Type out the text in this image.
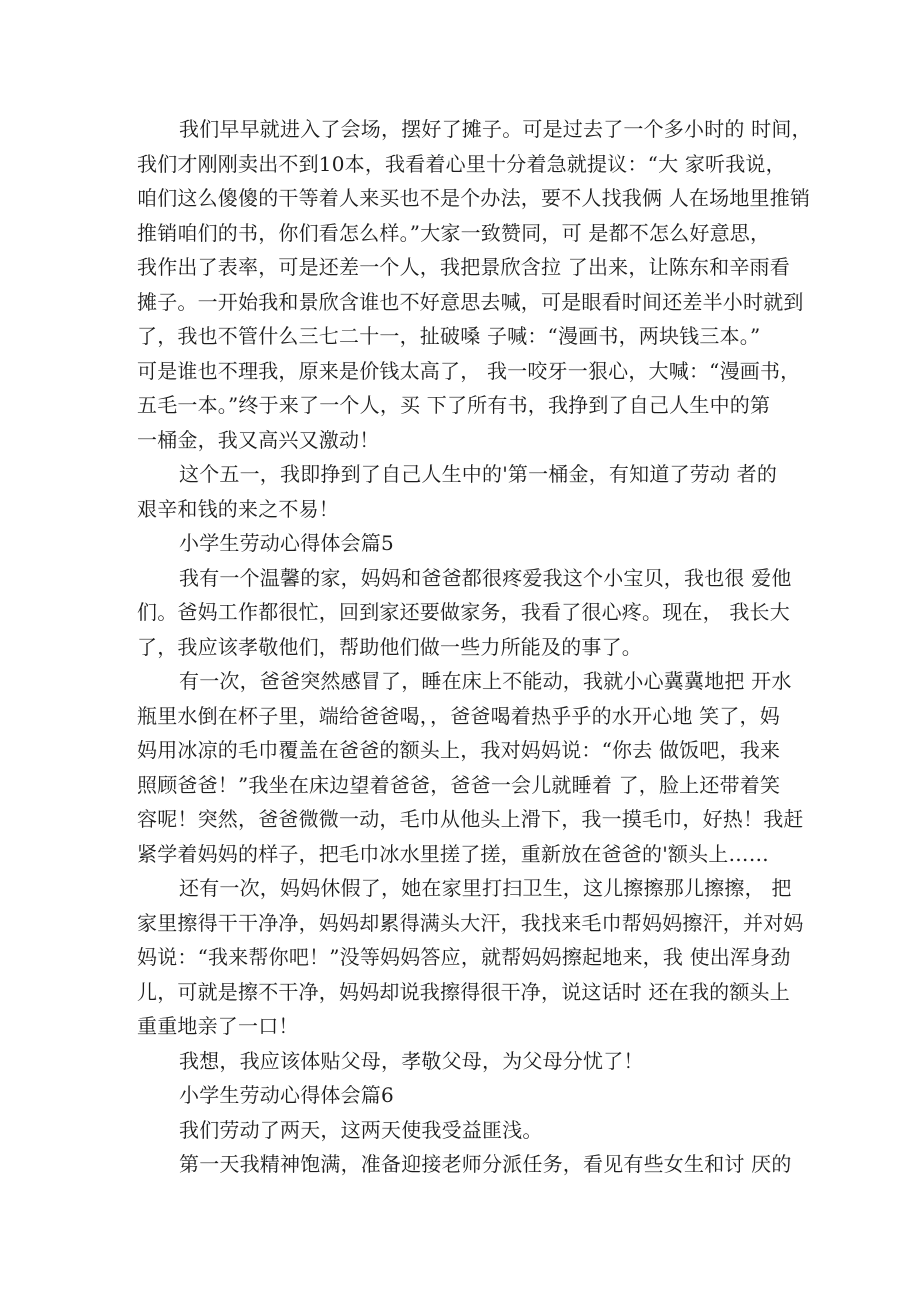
我们早早就进入了会场，摆好了摊子。可是过去了一个多小时的 时间，
我们才刚刚卖出不到10本，我看着心里十分着急就提议：“大 家听我说，
咱们这么傻傻的干等着人来买也不是个办法，要不人找我俩 人在场地里推销
推销咱们的书，你们看怎么样。”大家一致赞同，可 是都不怎么好意思，
我作出了表率，可是还差一个人，我把景欣含拉 了出来，让陈东和辛雨看
摊子。一开始我和景欣含谁也不好意思去喊，可是眼看时间还差半小时就到
了，我也不管什么三七二十一，扯破嗓 子喊：“漫画书，两块钱三本。”
可是谁也不理我，原来是价钱太高了， 我一咬牙一狠心，大喊：“漫画书，
五毛一本。”终于来了一个人，买 下了所有书，我挣到了自己人生中的第
一桶金，我又高兴又激动！
这个五一，我即挣到了自己人生中的'第一桶金，有知道了劳动 者的
艰辛和钱的来之不易！
小学生劳动心得体会篇5
我有一个温馨的家，妈妈和爸爸都很疼爱我这个小宝贝，我也很 爱他
们。爸妈工作都很忙，回到家还要做家务，我看了很心疼。现在， 我长大
了，我应该孝敬他们，帮助他们做一些力所能及的事了。
有一次，爸爸突然感冒了，睡在床上不能动，我就小心冀冀地把 开水
瓶里水倒在杯子里，端给爸爸喝，，爸爸喝着热乎乎的水开心地 笑了，妈
妈用冰凉的毛巾覆盖在爸爸的额头上，我对妈妈说：“你去 做饭吧，我来
照顾爸爸！”我坐在床边望着爸爸，爸爸一会儿就睡着 了，脸上还带着笑
容呢！突然，爸爸微微一动，毛巾从他头上滑下，我一摸毛巾，好热！我赶
紧学着妈妈的样子，把毛巾冰水里搓了搓，重新放在爸爸的'额头上……
还有一次，妈妈休假了，她在家里打扫卫生，这儿擦擦那儿擦擦， 把
家里擦得干干净净，妈妈却累得满头大汗，我找来毛巾帮妈妈擦汗，并对妈
妈说：“我来帮你吧！”没等妈妈答应，就帮妈妈擦起地来，我 使出浑身劲
儿，可就是擦不干净，妈妈却说我擦得很干净，说这话时 还在我的额头上
重重地亲了一口！
我想，我应该体贴父母，孝敬父母，为父母分忧了！
小学生劳动心得体会篇6
我们劳动了两天，这两天使我受益匪浅。
第一天我精神饱满，准备迎接老师分派任务，看见有些女生和讨 厌的
